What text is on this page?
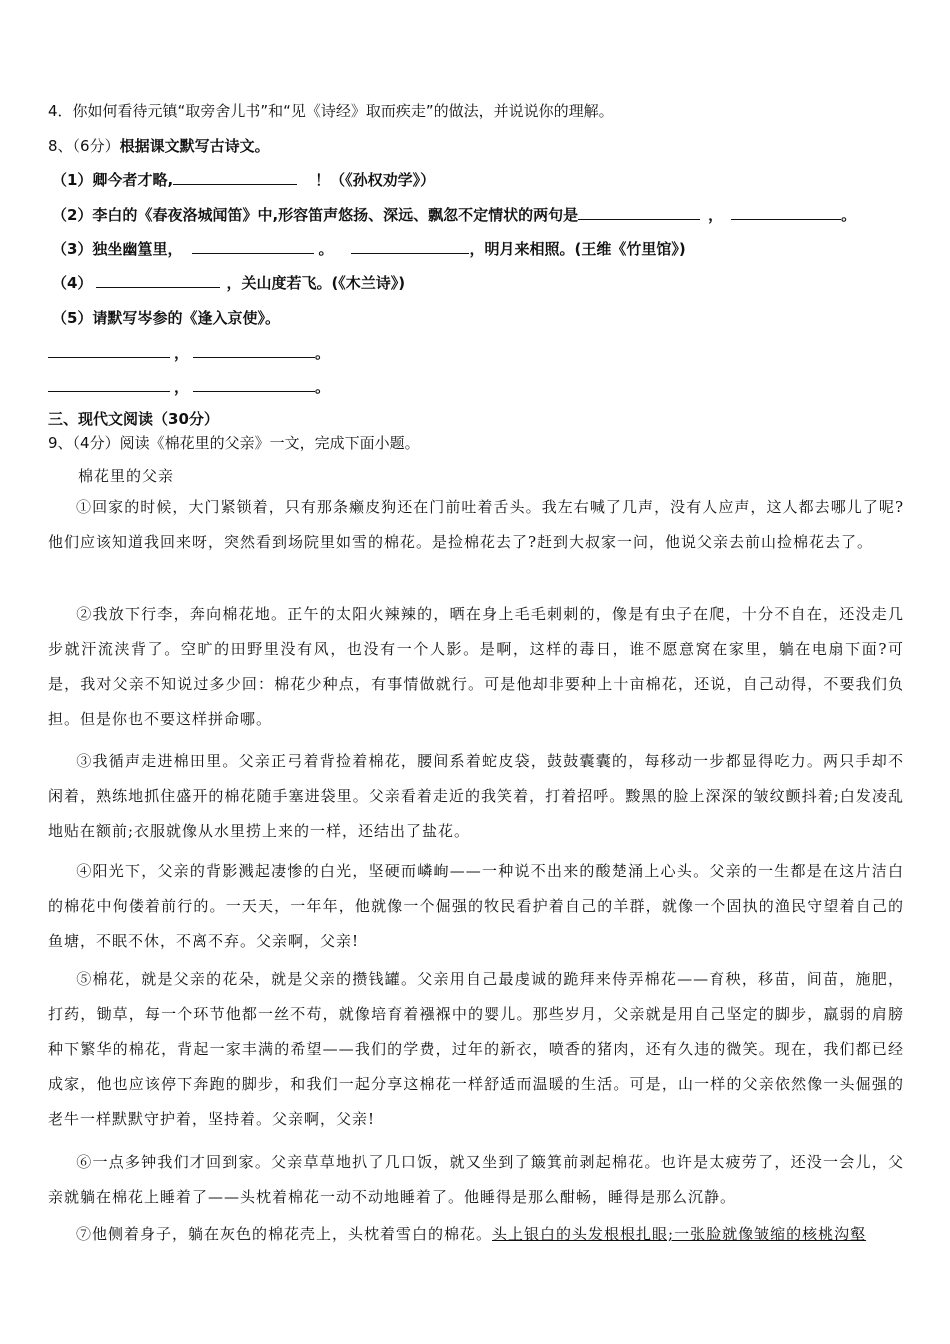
4．你如何看待元镇“取旁舍儿书”和“见《诗经》取而疾走”的做法，并说说你的理解。
8、（6分）根据课文默写古诗文。
（1）卿今者才略,	！（《孙权劝学》）
（2）李白的《春夜洛城闻笛》中,形容笛声悠扬、深远、飘忽不定情状的两句是	，	。
（3）独坐幽篁里，	。	，明月来相照。(王维《竹里馆》)
（4）	，关山度若飞。(《木兰诗》)
（5）请默写岑参的《逢入京使》。
，	。
，	。
三、现代文阅读（30分）
9、（4分）阅读《棉花里的父亲》一文，完成下面小题。
棉花里的父亲
①回家的时候，大门紧锁着，只有那条癞皮狗还在门前吐着舌头。我左右喊了几声，没有人应声，这人都去哪儿了呢?他们应该知道我回来呀，突然看到场院里如雪的棉花。是捡棉花去了?赶到大叔家一问，他说父亲去前山捡棉花去了。
②我放下行李，奔向棉花地。正午的太阳火辣辣的，晒在身上毛毛刺刺的，像是有虫子在爬，十分不自在，还没走几步就汗流浃背了。空旷的田野里没有风，也没有一个人影。是啊，这样的毒日，谁不愿意窝在家里，躺在电扇下面?可是，我对父亲不知说过多少回：棉花少种点，有事情做就行。可是他却非要种上十亩棉花，还说，自己动得，不要我们负担。但是你也不要这样拼命哪。
③我循声走进棉田里。父亲正弓着背捡着棉花，腰间系着蛇皮袋，鼓鼓囊囊的，每移动一步都显得吃力。两只手却不闲着，熟练地抓住盛开的棉花随手塞进袋里。父亲看着走近的我笑着，打着招呼。黢黑的脸上深深的皱纹颤抖着;白发凌乱地贴在额前;衣服就像从水里捞上来的一样，还结出了盐花。
④阳光下，父亲的背影溅起凄惨的白光，坚硬而嶙峋——一种说不出来的酸楚涌上心头。父亲的一生都是在这片洁白的棉花中佝偻着前行的。一天天，一年年，他就像一个倔强的牧民看护着自己的羊群，就像一个固执的渔民守望着自己的鱼塘，不眠不休，不离不弃。父亲啊，父亲!
⑤棉花，就是父亲的花朵，就是父亲的攒钱罐。父亲用自己最虔诚的跪拜来侍弄棉花——育秧，移苗，间苗，施肥，打药，锄草，每一个环节他都一丝不苟，就像培育着襁褓中的婴儿。那些岁月，父亲就是用自己坚定的脚步，羸弱的肩膀种下繁华的棉花，背起一家丰满的希望——我们的学费，过年的新衣，喷香的猪肉，还有久违的微笑。现在，我们都已经成家，他也应该停下奔跑的脚步，和我们一起分享这棉花一样舒适而温暖的生活。可是，山一样的父亲依然像一头倔强的老牛一样默默守护着，坚持着。父亲啊，父亲!
⑥一点多钟我们才回到家。父亲草草地扒了几口饭，就又坐到了簸箕前剥起棉花。也许是太疲劳了，还没一会儿，父亲就躺在棉花上睡着了——头枕着棉花一动不动地睡着了。他睡得是那么酣畅，睡得是那么沉静。
⑦他侧着身子，躺在灰色的棉花壳上，头枕着雪白的棉花。头上银白的头发根根扎眼;一张脸就像皱缩的核桃沟壑
